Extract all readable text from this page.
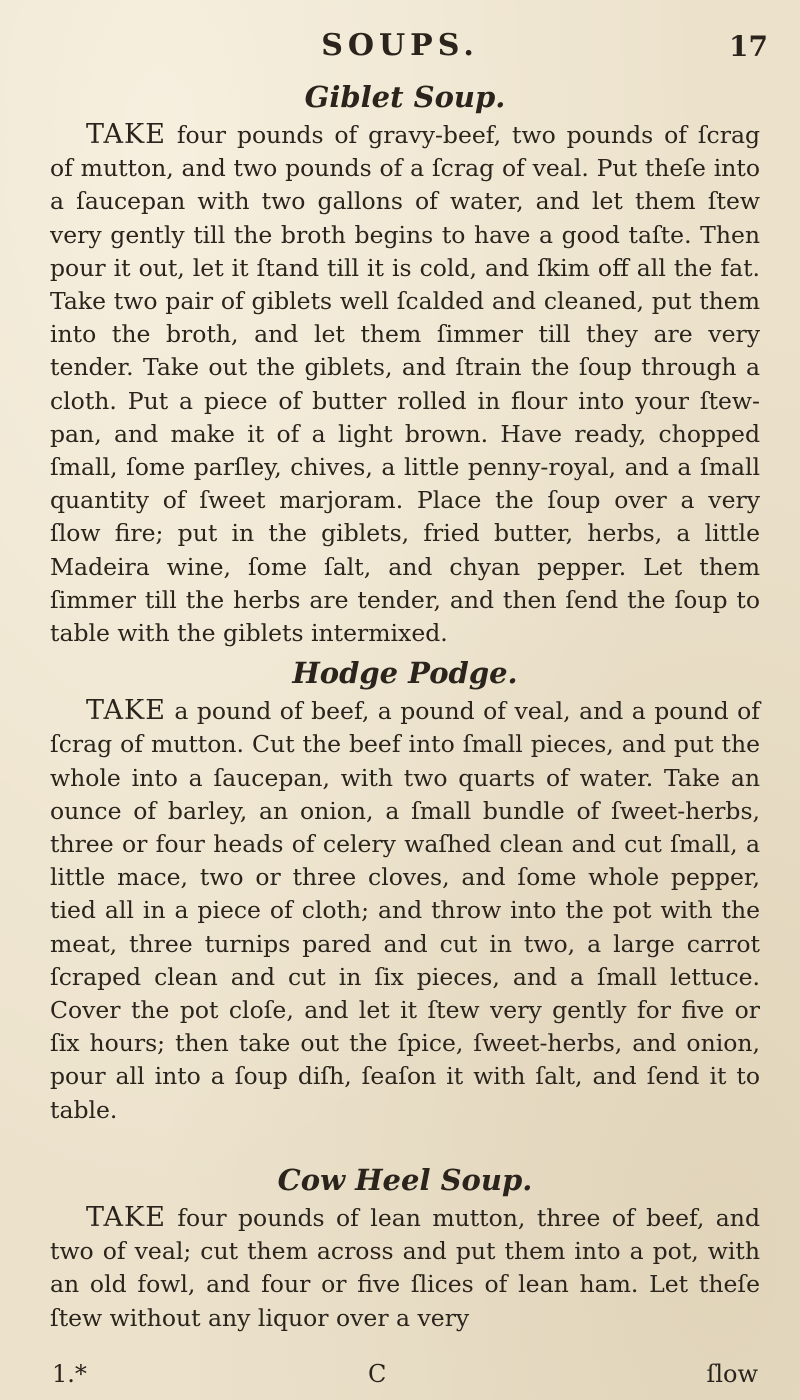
SOUPS.	17
Giblet Soup.

TAKE four pounds of gravy-beef, two pounds of ſcrag of mutton, and two pounds of a ſcrag of veal. Put theſe into a ſaucepan with two gallons of water, and let them ſtew very gently till the broth begins to have a good taſte. Then pour it out, let it ſtand till it is cold, and ſkim off all the fat. Take two pair of giblets well ſcalded and cleaned, put them into the broth, and let them ſimmer till they are very tender. Take out the giblets, and ſtrain the ſoup through a cloth. Put a piece of butter rolled in flour into your ſtew-pan, and make it of a light brown. Have ready, chopped ſmall, ſome parſley, chives, a little penny-royal, and a ſmall quantity of ſweet marjoram. Place the ſoup over a very ſlow fire; put in the giblets, fried butter, herbs, a little Madeira wine, ſome ſalt, and chyan pepper. Let them ſimmer till the herbs are tender, and then ſend the ſoup to table with the giblets intermixed.

Hodge Podge.

TAKE a pound of beef, a pound of veal, and a pound of ſcrag of mutton. Cut the beef into ſmall pieces, and put the whole into a ſaucepan, with two quarts of water. Take an ounce of barley, an onion, a ſmall bundle of ſweet-herbs, three or four heads of celery waſhed clean and cut ſmall, a little mace, two or three cloves, and ſome whole pepper, tied all in a piece of cloth; and throw into the pot with the meat, three turnips pared and cut in two, a large carrot ſcraped clean and cut in ſix pieces, and a ſmall lettuce. Cover the pot cloſe, and let it ſtew very gently for five or ſix hours; then take out the ſpice, ſweet-herbs, and onion, pour all into a ſoup diſh, ſeaſon it with ſalt, and ſend it to table.

Cow Heel Soup.

TAKE four pounds of lean mutton, three of beef, and two of veal; cut them across and put them into a pot, with an old fowl, and four or five ſlices of lean ham. Let theſe ſtew without any liquor over a very

1.*	C	ſlow
